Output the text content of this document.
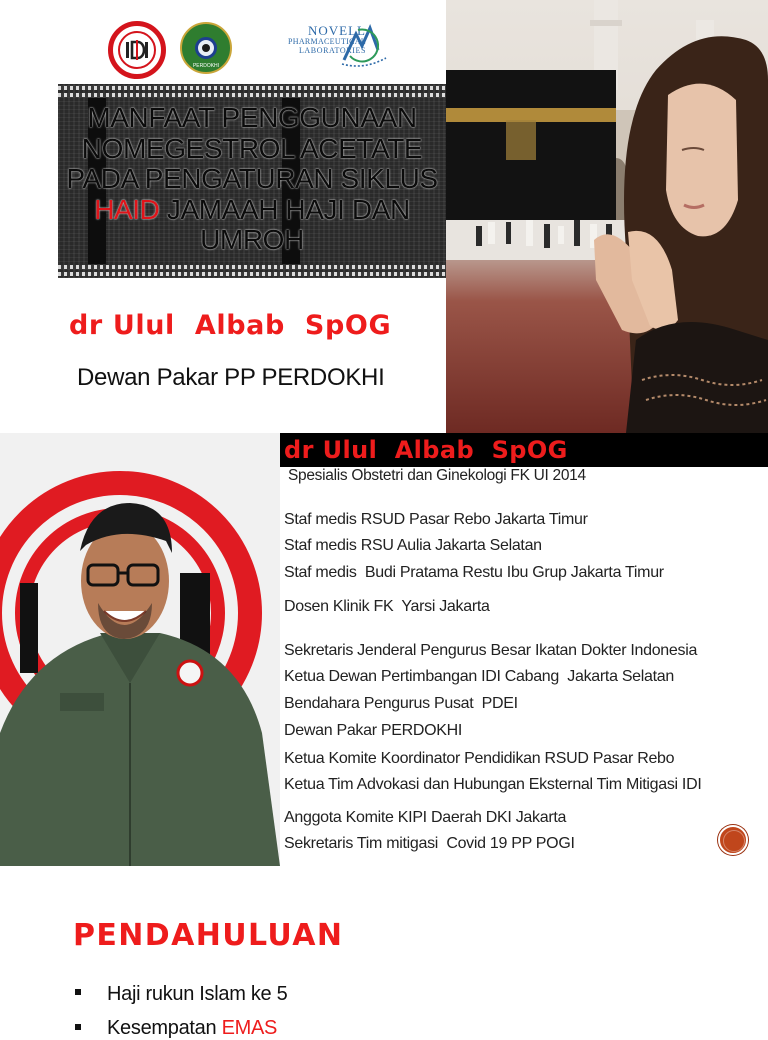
PERDOKHI
NOVELL
PHARMACEUTICAL
LABORATORIES
MANFAAT PENGGUNAAN
NOMEGESTROL ACETATE
PADA PENGATURAN SIKLUS
HAID JAMAAH HAJI DAN
UMROH
dr Ulul  Albab  SpOG
Dewan Pakar PP PERDOKHI
dr Ulul  Albab  SpOG
Spesialis Obstetri dan Ginekologi FK UI 2014
Staf medis RSUD Pasar Rebo Jakarta Timur
Staf medis RSU Aulia Jakarta Selatan
Staf medis  Budi Pratama Restu Ibu Grup Jakarta Timur
Dosen Klinik FK  Yarsi Jakarta
Sekretaris Jenderal Pengurus Besar Ikatan Dokter Indonesia
Ketua Dewan Pertimbangan IDI Cabang  Jakarta Selatan
Bendahara Pengurus Pusat  PDEI
Dewan Pakar PERDOKHI
Ketua Komite Koordinator Pendidikan RSUD Pasar Rebo
Ketua Tim Advokasi dan Hubungan Eksternal Tim Mitigasi IDI
Anggota Komite KIPI Daerah DKI Jakarta
Sekretaris Tim mitigasi  Covid 19 PP POGI
PENDAHULUAN
Haji rukun Islam ke 5
Kesempatan EMAS
